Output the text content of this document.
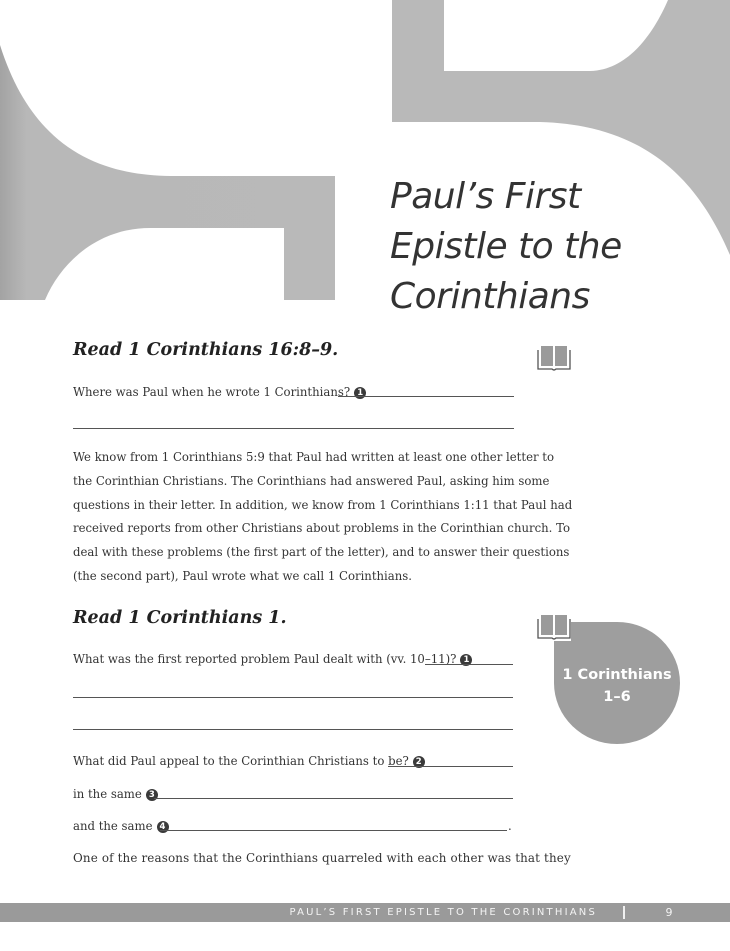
Paul’s First
Epistle to the
Corinthians
Read 1 Corinthians 16:8–9.
Where was Paul when he wrote 1 Corinthians? 1
We know from 1 Corinthians 5:9 that Paul had written at least one other letter to
the Corinthian Christians. The Corinthians had answered Paul, asking him some
questions in their letter. In addition, we know from 1 Corinthians 1:11 that Paul had
received reports from other Christians about problems in the Corinthian church. To
deal with these problems (the first part of the letter), and to answer their questions
(the second part), Paul wrote what we call 1 Corinthians.
Read 1 Corinthians 1.
1 Corinthians
1–6
What was the first reported problem Paul dealt with (vv. 10–11)? 1
What did Paul appeal to the Corinthian Christians to be? 2
in the same 3
and the same 4	.
One of the reasons that the Corinthians quarreled with each other was that they
PAUL’S FIRST EPISTLE TO THE CORINTHIANS	9
